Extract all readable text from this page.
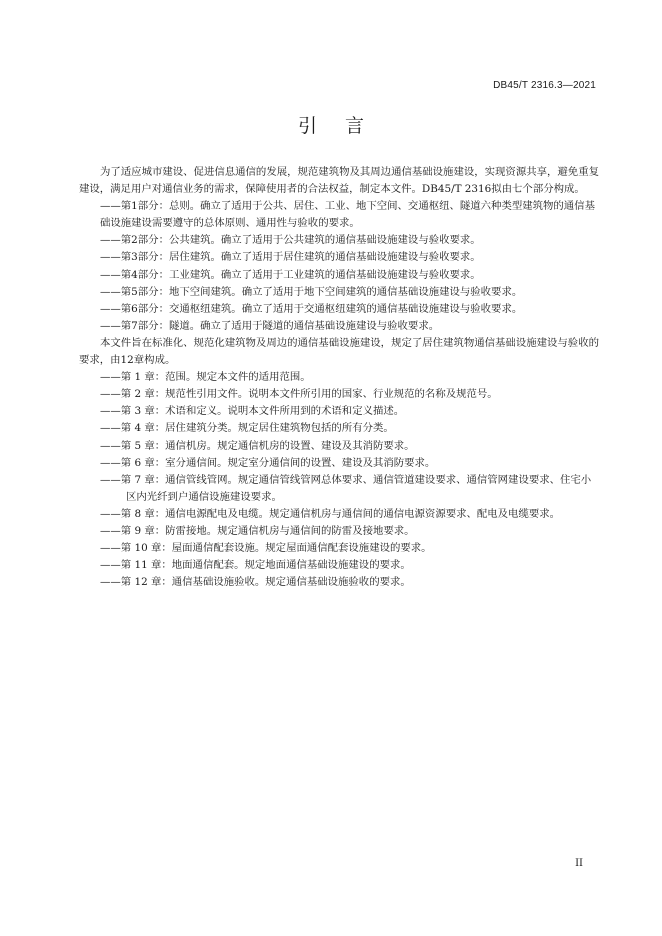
DB45/T 2316.3—2021
引言

为了适应城市建设、促进信息通信的发展，规范建筑物及其周边通信基础设施建设，实现资源共享，避免重复建设，满足用户对通信业务的需求，保障使用者的合法权益，制定本文件。DB45/T 2316拟由七个部分构成。

——第1部分：总则。确立了适用于公共、居住、工业、地下空间、交通枢纽、隧道六种类型建筑物的通信基础设施建设需要遵守的总体原则、通用性与验收的要求。

——第2部分：公共建筑。确立了适用于公共建筑的通信基础设施建设与验收要求。

——第3部分：居住建筑。确立了适用于居住建筑的通信基础设施建设与验收要求。

——第4部分：工业建筑。确立了适用于工业建筑的通信基础设施建设与验收要求。

——第5部分：地下空间建筑。确立了适用于地下空间建筑的通信基础设施建设与验收要求。

——第6部分：交通枢纽建筑。确立了适用于交通枢纽建筑的通信基础设施建设与验收要求。

——第7部分：隧道。确立了适用于隧道的通信基础设施建设与验收要求。

本文件旨在标准化、规范化建筑物及周边的通信基础设施建设，规定了居住建筑物通信基础设施建设与验收的要求，由12章构成。

——第 1 章：范围。规定本文件的适用范围。

——第 2 章：规范性引用文件。说明本文件所引用的国家、行业规范的名称及规范号。

——第 3 章：术语和定义。说明本文件所用到的术语和定义描述。

——第 4 章：居住建筑分类。规定居住建筑物包括的所有分类。

——第 5 章：通信机房。规定通信机房的设置、建设及其消防要求。

——第 6 章：室分通信间。规定室分通信间的设置、建设及其消防要求。

——第 7 章：通信管线管网。规定通信管线管网总体要求、通信管道建设要求、通信管网建设要求、住宅小区内光纤到户通信设施建设要求。

——第 8 章：通信电源配电及电缆。规定通信机房与通信间的通信电源资源要求、配电及电缆要求。

——第 9 章：防雷接地。规定通信机房与通信间的防雷及接地要求。

——第 10 章：屋面通信配套设施。规定屋面通信配套设施建设的要求。

——第 11 章：地面通信配套。规定地面通信基础设施建设的要求。

——第 12 章：通信基础设施验收。规定通信基础设施验收的要求。

II
